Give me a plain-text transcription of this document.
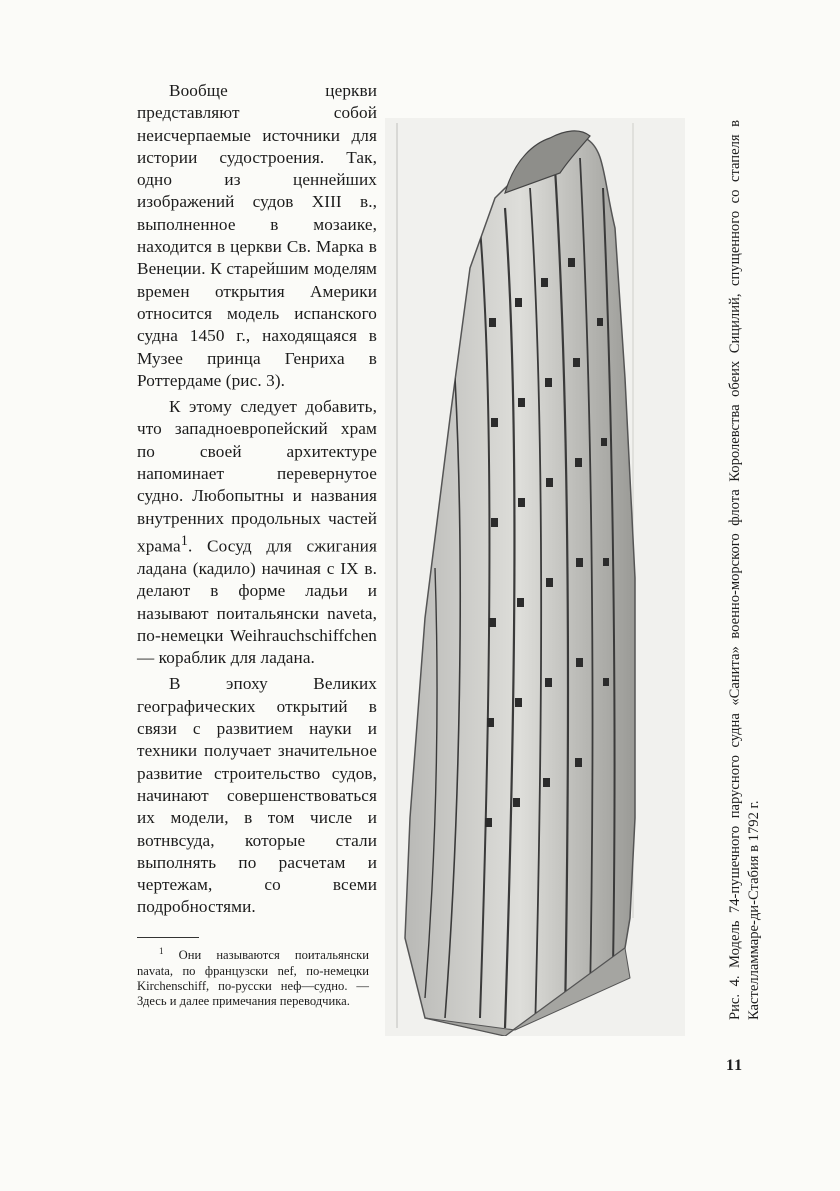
Вообще церкви представляют собой неисчерпаемые источники для истории судостроения. Так, одно из ценнейших изображений судов XIII в., выполненное в мозаике, находится в церкви Св. Марка в Венеции. К старейшим моделям времен открытия Америки относится модель испанского судна 1450 г., находящаяся в Музее принца Генриха в Роттердаме (рис. 3).

К этому следует добавить, что западноевропейский храм по своей архитектуре напоминает перевернутое судно. Любопытны и названия внутренних продольных частей храма$^1$. Сосуд для сжигания ладана (кадило) начиная с IX в. делают в форме ладьи и называют поитальянски naveta, по-немецки Weihrauchschiffchen — кораблик для ладана.

В эпоху Великих географических открытий в связи с развитием науки и техники получает значительное развитие строительство судов, начинают совершенствоваться их модели, в том числе и вотнвсуда, которые стали выполнять по расчетам и чертежам, со всеми подробностями.

$^1$ Они называются поитальянски navata, по французски nef, по-немецки Kirchenschiff, по-русски неф—судно. — Здесь и далее примечания переводчика.	Рис. 4. Модель 74-пушечного парусного судна «Санита» военно-морского флота Королевства обеих Сицилий, спущенного со стапеля в Кастелламмаре-ди-Стабия в 1792 г.

11
